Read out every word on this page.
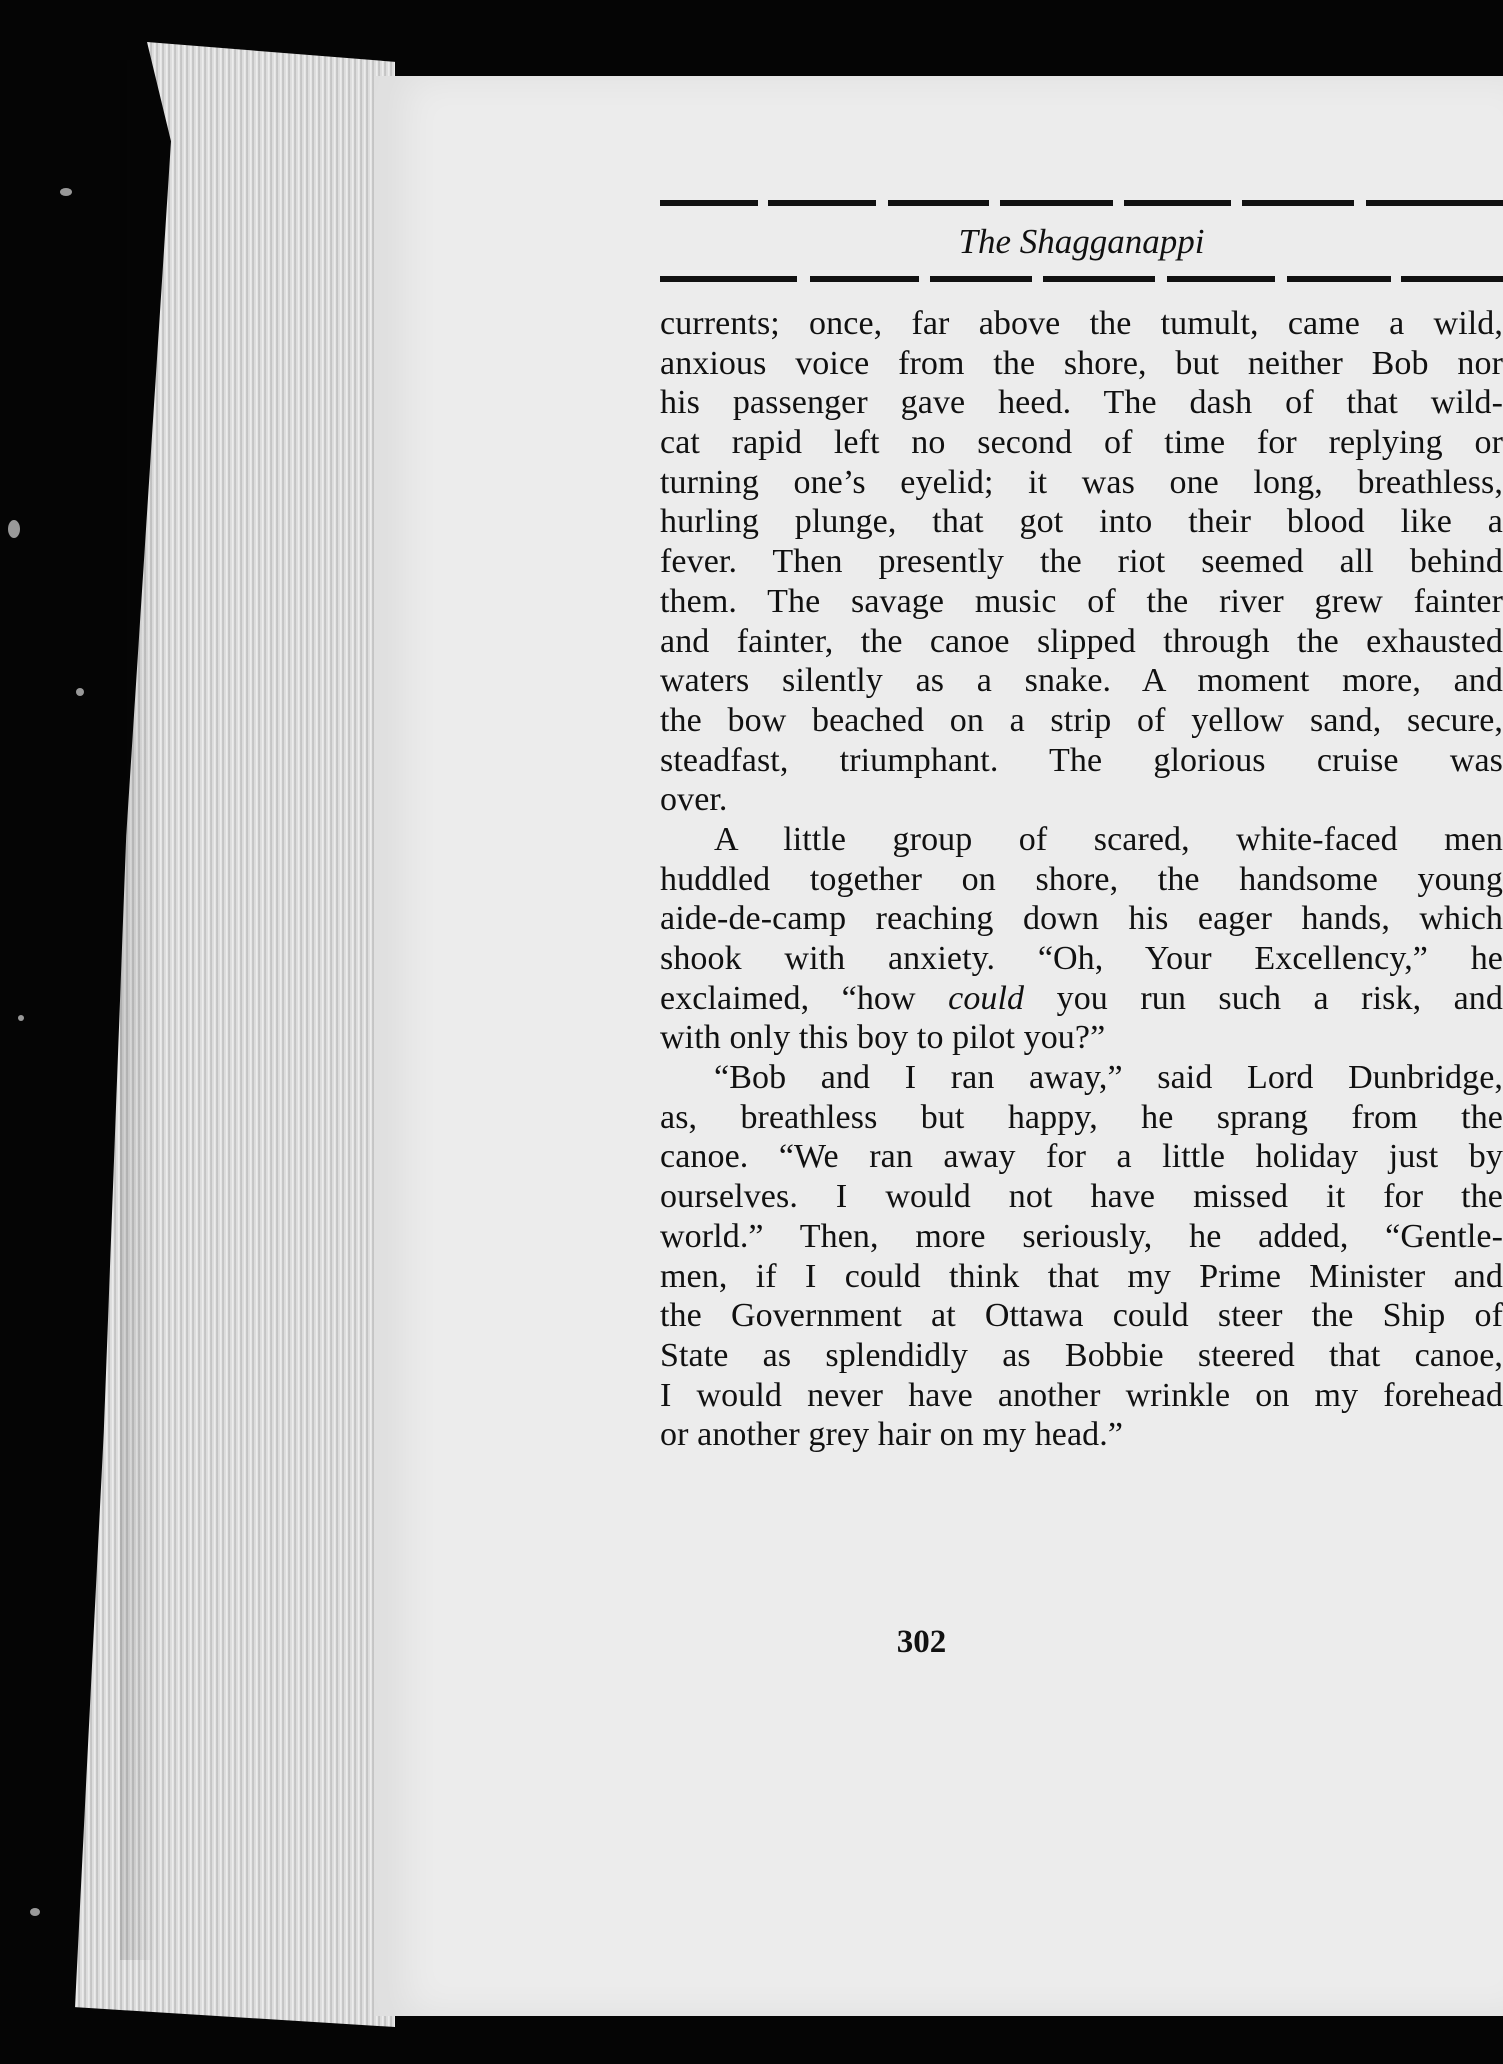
The Shagganappi
currents; once, far above the tumult, came a wild,
anxious voice from the shore, but neither Bob nor
his passenger gave heed. The dash of that wild-
cat rapid left no second of time for replying or
turning one’s eyelid; it was one long, breathless,
hurling plunge, that got into their blood like a
fever. Then presently the riot seemed all behind
them. The savage music of the river grew fainter
and fainter, the canoe slipped through the exhausted
waters silently as a snake. A moment more, and
the bow beached on a strip of yellow sand, secure,
steadfast, triumphant. The glorious cruise was
over.
A little group of scared, white-faced men
huddled together on shore, the handsome young
aide-de-camp reaching down his eager hands, which
shook with anxiety. “Oh, Your Excellency,” he
exclaimed, “how could you run such a risk, and
with only this boy to pilot you?”
“Bob and I ran away,” said Lord Dunbridge,
as, breathless but happy, he sprang from the
canoe. “We ran away for a little holiday just by
ourselves. I would not have missed it for the
world.” Then, more seriously, he added, “Gentle-
men, if I could think that my Prime Minister and
the Government at Ottawa could steer the Ship of
State as splendidly as Bobbie steered that canoe,
I would never have another wrinkle on my forehead
or another grey hair on my head.”
302
